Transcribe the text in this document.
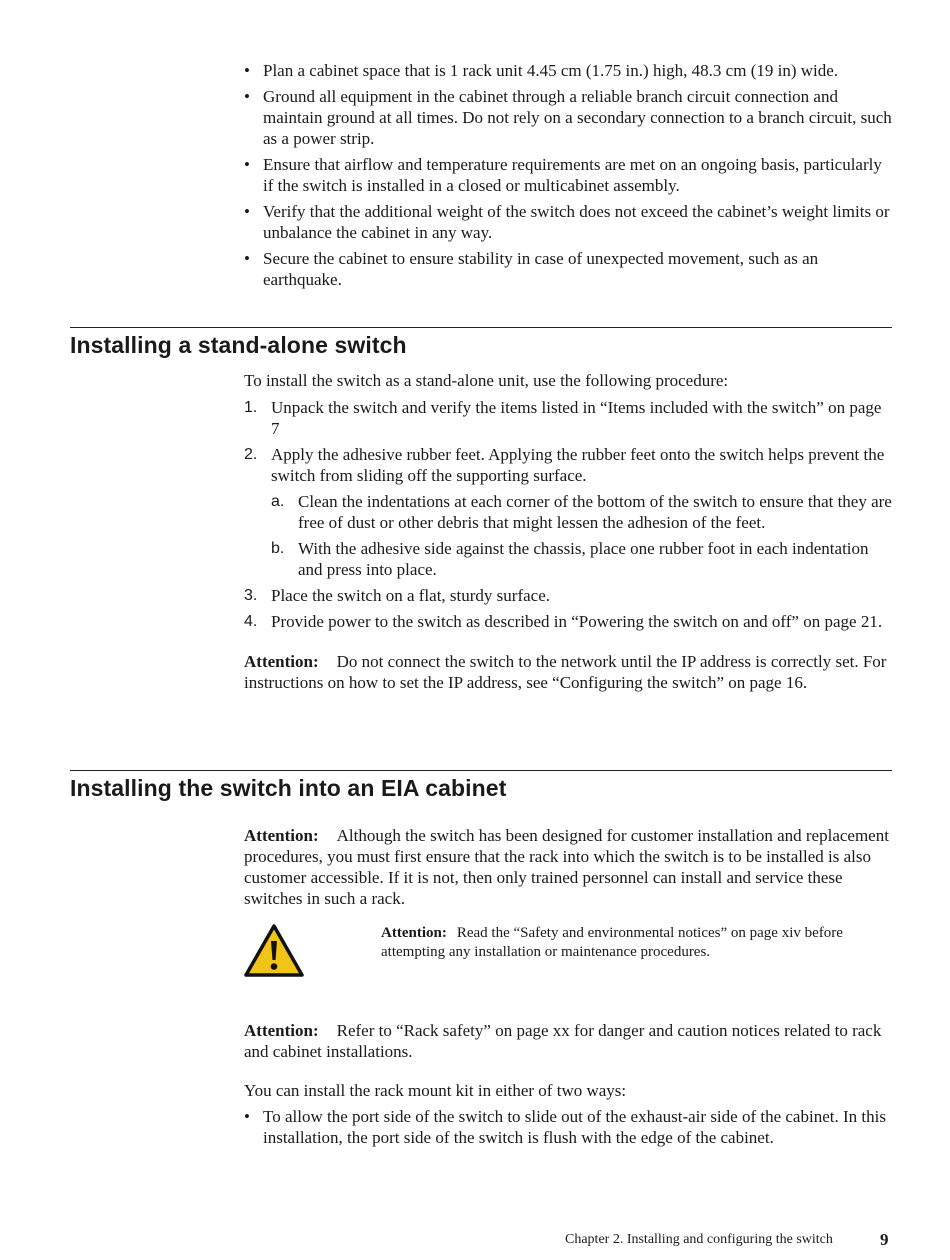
• Plan a cabinet space that is 1 rack unit 4.45 cm (1.75 in.) high, 48.3 cm (19 in) wide.
• Ground all equipment in the cabinet through a reliable branch circuit connection and maintain ground at all times. Do not rely on a secondary connection to a branch circuit, such as a power strip.
• Ensure that airflow and temperature requirements are met on an ongoing basis, particularly if the switch is installed in a closed or multicabinet assembly.
• Verify that the additional weight of the switch does not exceed the cabinet’s weight limits or unbalance the cabinet in any way.
• Secure the cabinet to ensure stability in case of unexpected movement, such as an earthquake.
Installing a stand-alone switch
To install the switch as a stand-alone unit, use the following procedure:
1. Unpack the switch and verify the items listed in “Items included with the switch” on page 7
2. Apply the adhesive rubber feet. Applying the rubber feet onto the switch helps prevent the switch from sliding off the supporting surface.
a. Clean the indentations at each corner of the bottom of the switch to ensure that they are free of dust or other debris that might lessen the adhesion of the feet.
b. With the adhesive side against the chassis, place one rubber foot in each indentation and press into place.
3. Place the switch on a flat, sturdy surface.
4. Provide power to the switch as described in “Powering the switch on and off” on page 21.
Attention: Do not connect the switch to the network until the IP address is correctly set. For instructions on how to set the IP address, see “Configuring the switch” on page 16.
Installing the switch into an EIA cabinet
Attention: Although the switch has been designed for customer installation and replacement procedures, you must first ensure that the rack into which the switch is to be installed is also customer accessible. If it is not, then only trained personnel can install and service these switches in such a rack.
Attention: Read the “Safety and environmental notices” on page xiv before attempting any installation or maintenance procedures.
Attention: Refer to “Rack safety” on page xx for danger and caution notices related to rack and cabinet installations.
You can install the rack mount kit in either of two ways:
• To allow the port side of the switch to slide out of the exhaust-air side of the cabinet. In this installation, the port side of the switch is flush with the edge of the cabinet.
Chapter 2. Installing and configuring the switch	9
